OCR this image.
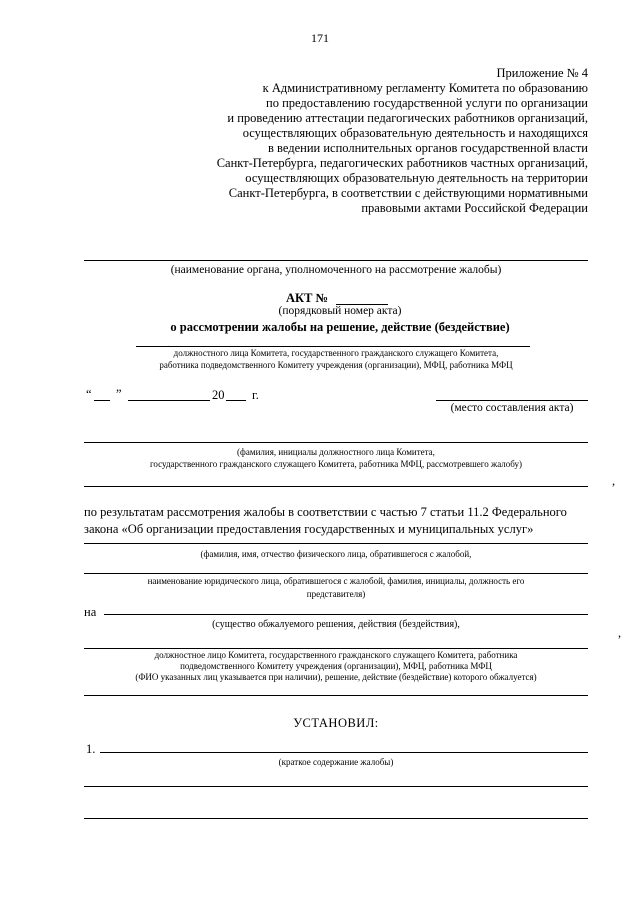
171
Приложение № 4
к Административному регламенту Комитета по образованию
по предоставлению государственной услуги по организации
и проведению аттестации педагогических работников организаций,
осуществляющих образовательную деятельность и находящихся
в ведении исполнительных органов государственной власти
Санкт-Петербурга, педагогических работников частных организаций,
осуществляющих образовательную деятельность на территории
Санкт-Петербурга, в соответствии с действующими нормативными
правовыми актами Российской Федерации
(наименование органа, уполномоченного на рассмотрение жалобы)
АКТ №
(порядковый номер акта)
о рассмотрении жалобы на решение, действие (бездействие)
должностного лица Комитета, государственного гражданского служащего Комитета,
работника подведомственного Комитету учреждения (организации), МФЦ, работника МФЦ
“ ”	20 г.
(место составления акта)
(фамилия, инициалы должностного лица Комитета,
государственного гражданского служащего Комитета, работника МФЦ, рассмотревшего жалобу)
,
по результатам рассмотрения жалобы в соответствии с частью 7 статьи 11.2 Федерального
закона «Об организации предоставления государственных и муниципальных услуг»
(фамилия, имя, отчество физического лица, обратившегося с жалобой,
наименование юридического лица, обратившегося с жалобой, фамилия, инициалы, должность его
представителя)
на
(существо обжалуемого решения, действия (бездействия),
,
должностное лицо Комитета, государственного гражданского служащего Комитета, работника
подведомственного Комитету учреждения (организации), МФЦ, работника МФЦ
(ФИО указанных лиц указывается при наличии), решение, действие (бездействие) которого обжалуется)
УСТАНОВИЛ:
1.
(краткое содержание жалобы)
